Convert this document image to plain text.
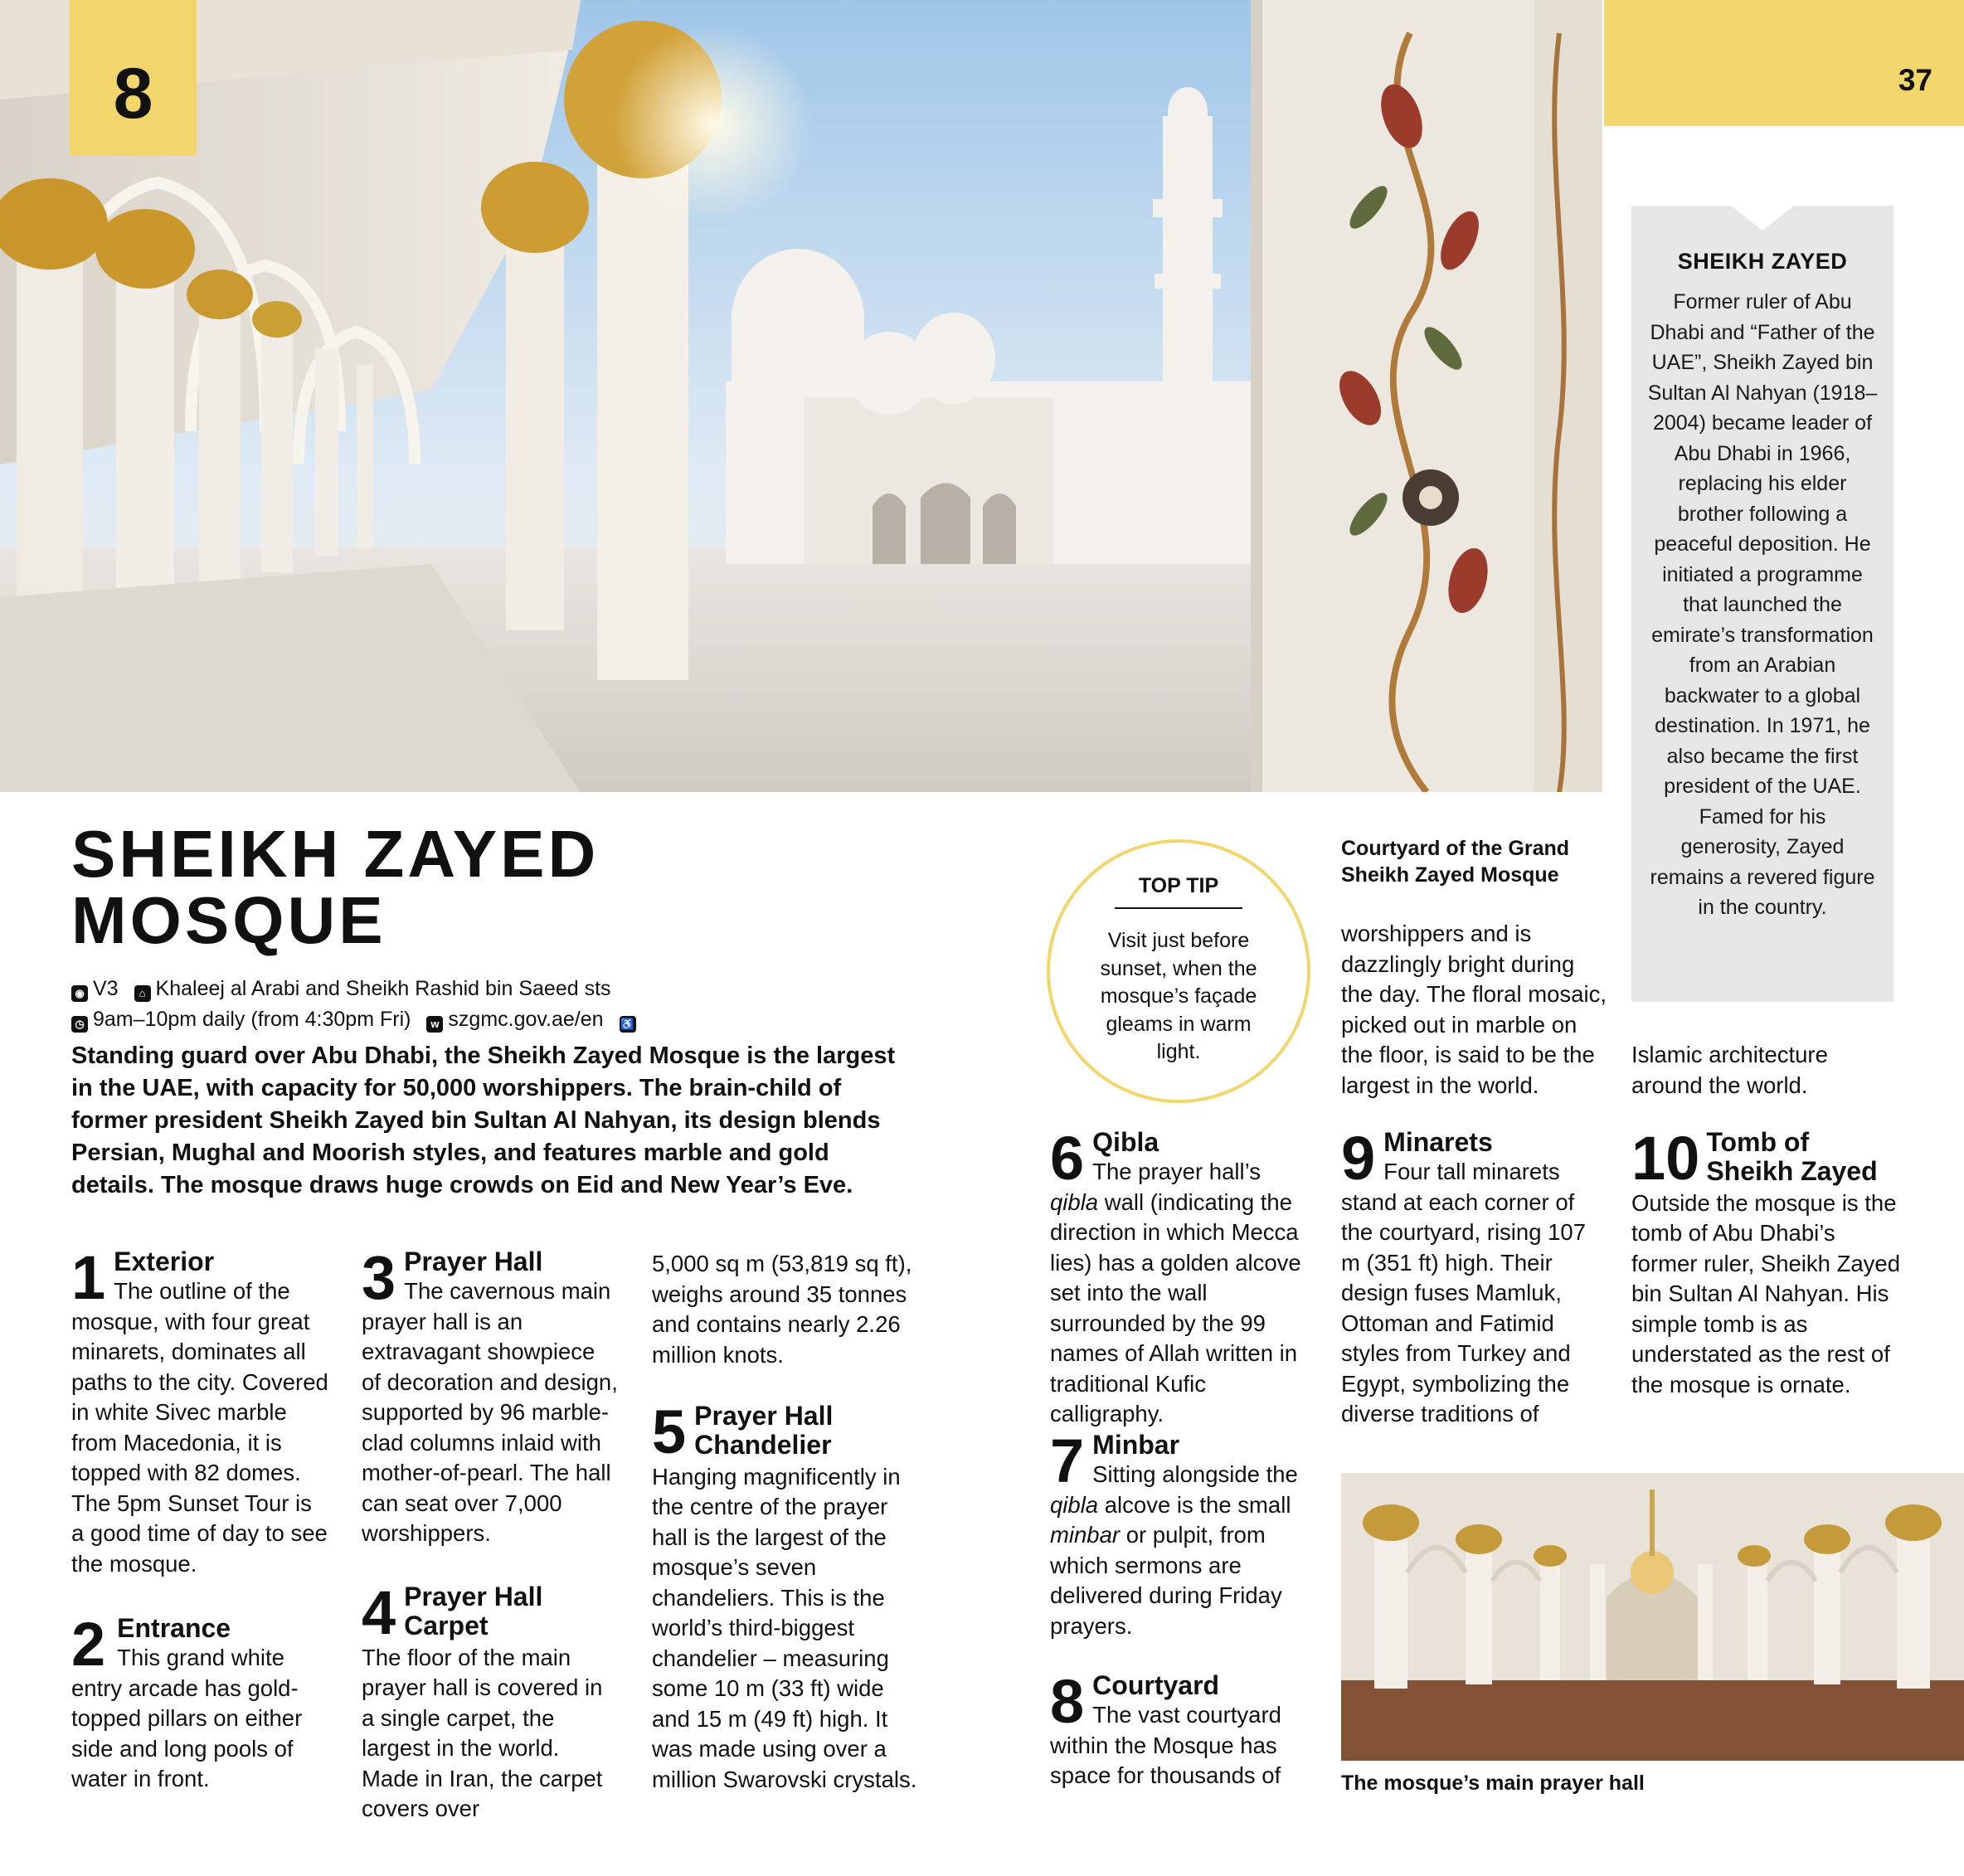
8	37
SHEIKH ZAYED

Former ruler of Abu Dhabi and “Father of the UAE”, Sheikh Zayed bin Sultan Al Nahyan (1918–2004) became leader of Abu Dhabi in 1966, replacing his elder brother following a peaceful deposition. He initiated a programme that launched the emirate’s transformation from an Arabian backwater to a global destination. In 1971, he also became the first president of the UAE. Famed for his generosity, Zayed remains a revered figure in the country.

SHEIKH ZAYED MOSQUE
◉ V3 ⌂ Khaleej al Arabi and Sheikh Rashid bin Saeed sts
◷ 9am–10pm daily (from 4:30pm Fri) w szgmc.gov.ae/en ♿

Standing guard over Abu Dhabi, the Sheikh Zayed Mosque is the largest in the UAE, with capacity for 50,000 worshippers. The brain-child of former president Sheikh Zayed bin Sultan Al Nahyan, its design blends Persian, Mughal and Moorish styles, and features marble and gold details. The mosque draws huge crowds on Eid and New Year’s Eve.

1 Exterior

The outline of the mosque, with four great minarets, dominates all paths to the city. Covered in white Sivec marble from Macedonia, it is topped with 82 domes. The 5pm Sunset Tour is a good time of day to see the mosque.

2 Entrance

This grand white entry arcade has gold-topped pillars on either side and long pools of water in front.

3 Prayer Hall

The cavernous main prayer hall is an extravagant showpiece of decoration and design, supported by 96 marble-clad columns inlaid with mother-of-pearl. The hall can seat over 7,000 worshippers.

4 Prayer Hall Carpet

The floor of the main prayer hall is covered in a single carpet, the largest in the world. Made in Iran, the carpet covers over

5,000 sq m (53,819 sq ft), weighs around 35 tonnes and contains nearly 2.26 million knots.

5 Prayer Hall Chandelier

Hanging magnificently in the centre of the prayer hall is the largest of the mosque’s seven chandeliers. This is the world’s third-biggest chandelier – measuring some 10 m (33 ft) wide and 15 m (49 ft) high. It was made using over a million Swarovski crystals.

TOP TIP

Visit just before sunset, when the mosque’s façade gleams in warm light.

6 Qibla

The prayer hall’s qibla wall (indicating the direction in which Mecca lies) has a golden alcove set into the wall surrounded by the 99 names of Allah written in traditional Kufic calligraphy.

7 Minbar

Sitting alongside the qibla alcove is the small minbar or pulpit, from which sermons are delivered during Friday prayers.

8 Courtyard

The vast courtyard within the Mosque has space for thousands of

Courtyard of the Grand Sheikh Zayed Mosque

worshippers and is dazzlingly bright during the day. The floral mosaic, picked out in marble on the floor, is said to be the largest in the world.

9 Minarets

Four tall minarets stand at each corner of the courtyard, rising 107 m (351 ft) high. Their design fuses Mamluk, Ottoman and Fatimid styles from Turkey and Egypt, symbolizing the diverse traditions of

Islamic architecture around the world.

10 Tomb of Sheikh Zayed

Outside the mosque is the tomb of Abu Dhabi’s former ruler, Sheikh Zayed bin Sultan Al Nahyan. His simple tomb is as understated as the rest of the mosque is ornate.

The mosque’s main prayer hall
